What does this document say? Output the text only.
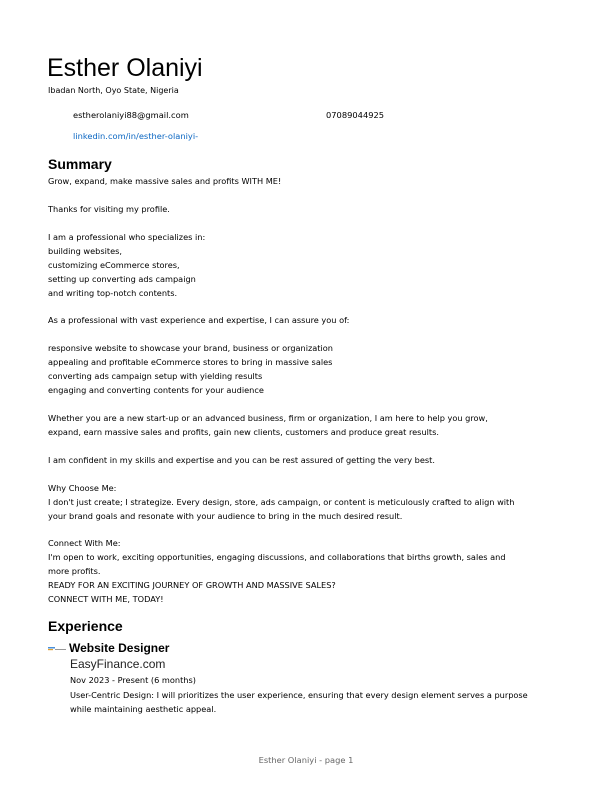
Esther Olaniyi
Ibadan North, Oyo State, Nigeria
estherolaniyi88@gmail.com	07089044925
linkedin.com/in/esther-olaniyi-
Summary
Grow, expand, make massive sales and profits WITH ME!
Thanks for visiting my profile.
I am a professional who specializes in:
building websites,
customizing eCommerce stores,
setting up converting ads campaign
and writing top-notch contents.
As a professional with vast experience and expertise, I can assure you of:
responsive website to showcase your brand, business or organization
appealing and profitable eCommerce stores to bring in massive sales
converting ads campaign setup with yielding results
engaging and converting contents for your audience
Whether you are a new start-up or an advanced business, firm or organization, I am here to help you grow,
expand, earn massive sales and profits, gain new clients, customers and produce great results.
I am confident in my skills and expertise and you can be rest assured of getting the very best.
Why Choose Me:
I don't just create; I strategize. Every design, store, ads campaign, or content is meticulously crafted to align with
your brand goals and resonate with your audience to bring in the much desired result.
Connect With Me:
I'm open to work, exciting opportunities, engaging discussions, and collaborations that births growth, sales and
more profits.
READY FOR AN EXCITING JOURNEY OF GROWTH AND MASSIVE SALES?
CONNECT WITH ME, TODAY!
Experience
Website Designer
EasyFinance.com
Nov 2023 - Present (6 months)
User-Centric Design: I will prioritizes the user experience, ensuring that every design element serves a purpose while maintaining aesthetic appeal.
Esther Olaniyi - page 1
